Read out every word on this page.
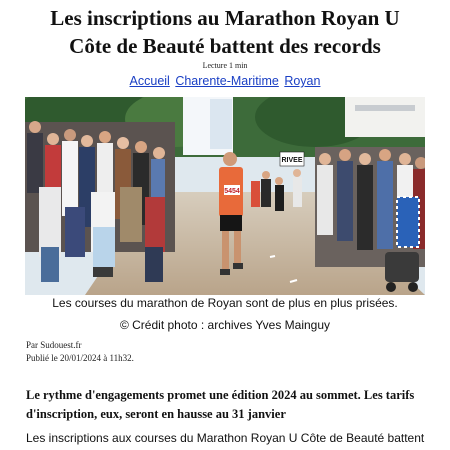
Les inscriptions au Marathon Royan U
Côte de Beauté battent des records
Lecture 1 min
Accueil Charente-Maritime Royan
RIVEE
5454
Les courses du marathon de Royan sont de plus en plus prisées.
© Crédit photo : archives Yves Mainguy
Par Sudouest.fr
Publié le 20/01/2024 à 11h32.

Le rythme d'engagements promet une édition 2024 au sommet. Les tarifs d'inscription, eux, seront en hausse au 31 janvier

Les inscriptions aux courses du Marathon Royan U Côte de Beauté battent
